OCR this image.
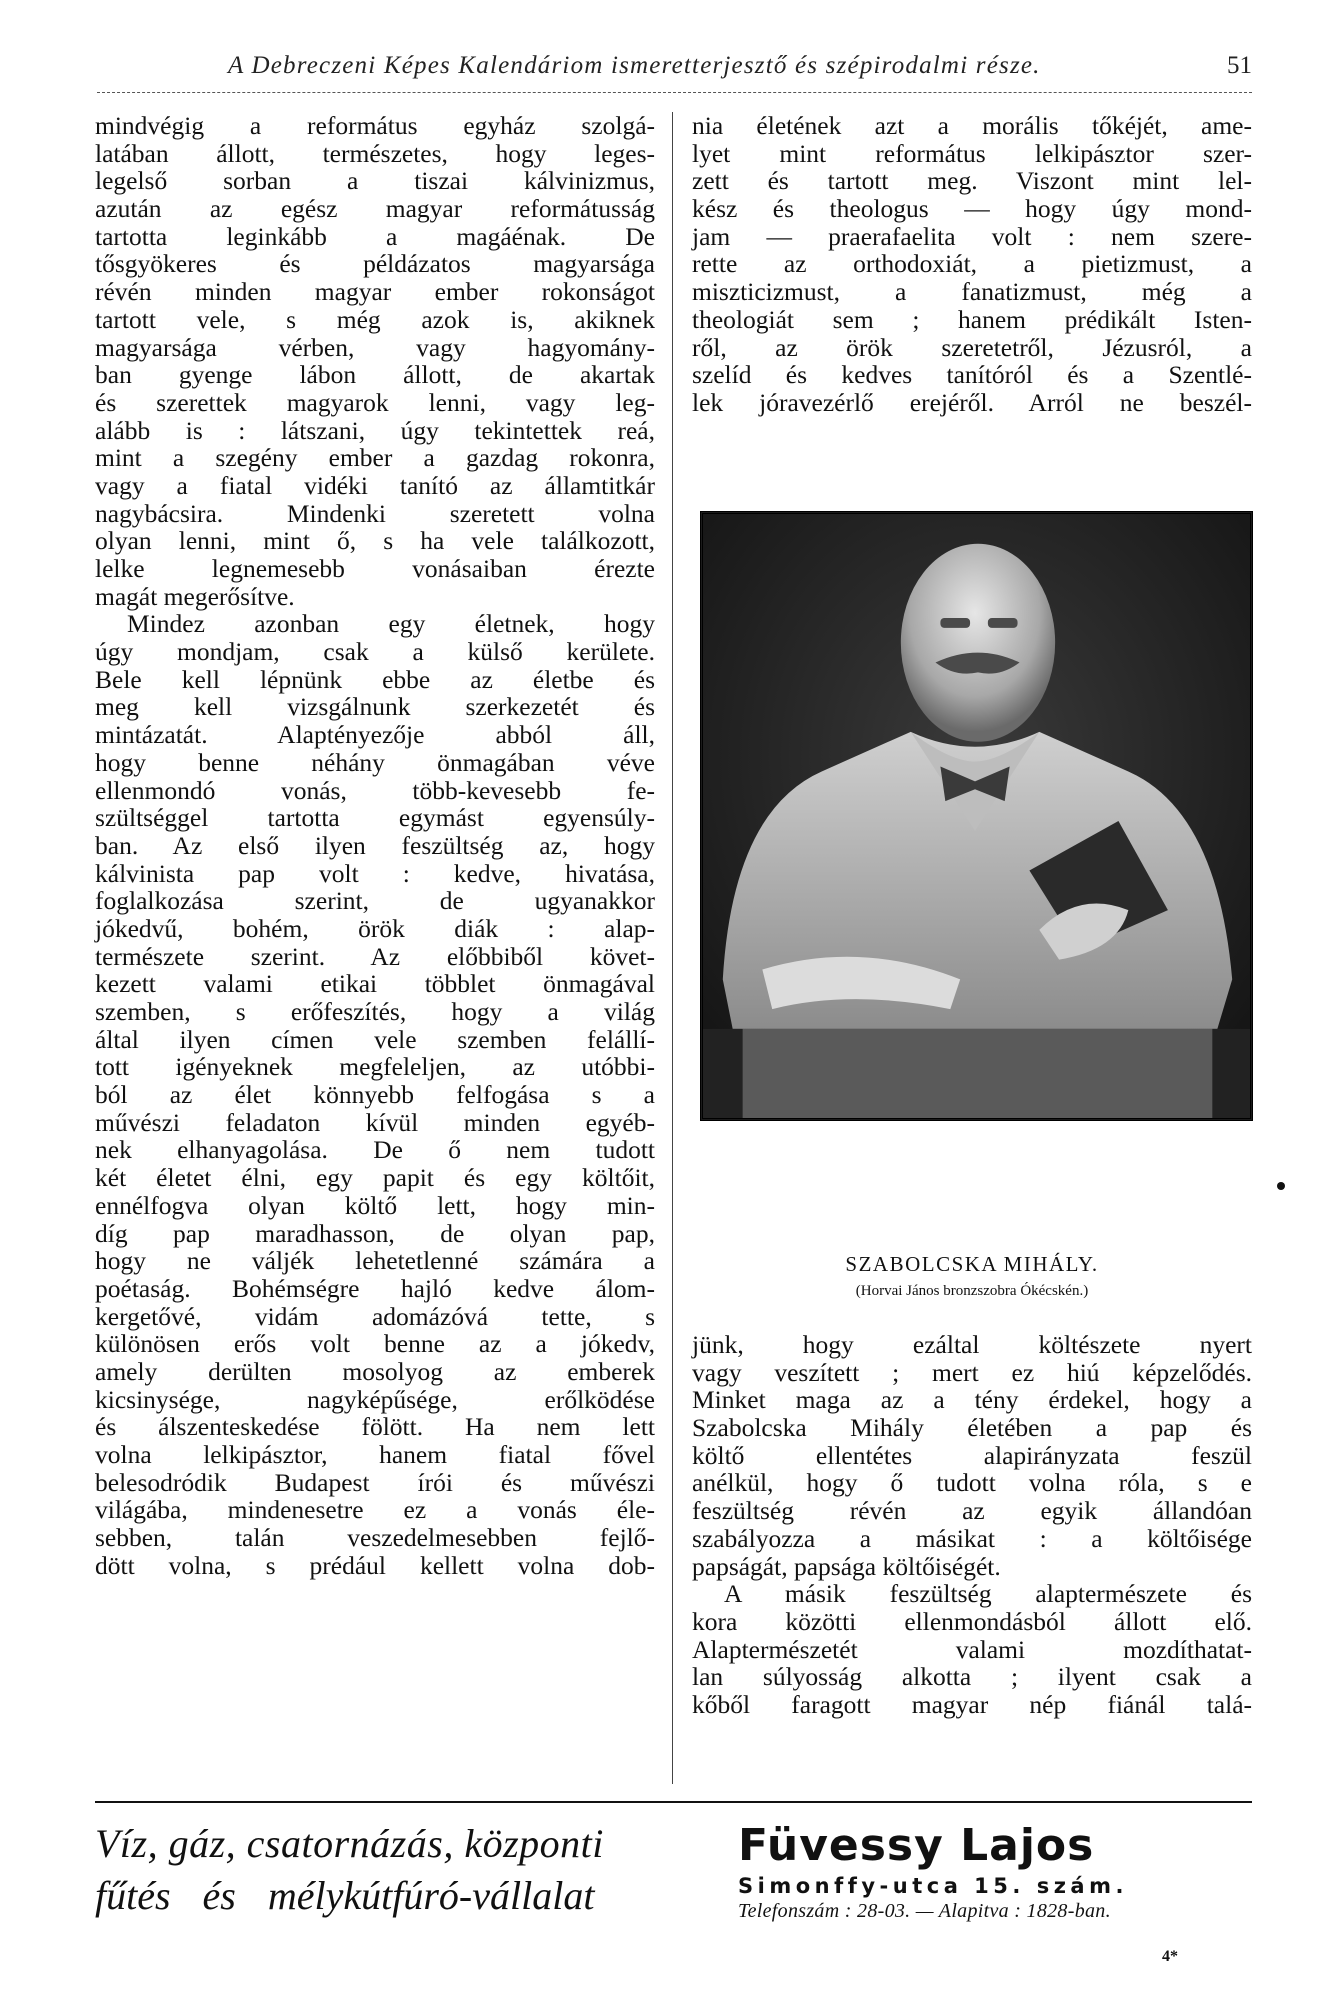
A Debreczeni Képes Kalendáriom ismeretterjesztő és szépirodalmi része.	51
mindvégig a református egyház szolgá-
latában állott, természetes, hogy leges-
legelső sorban a tiszai kálvinizmus,
azután az egész magyar reformátusság
tartotta leginkább a magáénak. De
tősgyökeres és példázatos magyarsága
révén minden magyar ember rokonságot
tartott vele, s még azok is, akiknek
magyarsága vérben, vagy hagyomány-
ban gyenge lábon állott, de akartak
és szerettek magyarok lenni, vagy leg-
alább is : látszani, úgy tekintettek reá,
mint a szegény ember a gazdag rokonra,
vagy a fiatal vidéki tanító az államtitkár
nagybácsira. Mindenki szeretett volna
olyan lenni, mint ő, s ha vele találkozott,
lelke legnemesebb vonásaiban érezte
magát megerősítve.
Mindez azonban egy életnek, hogy
úgy mondjam, csak a külső kerülete.
Bele kell lépnünk ebbe az életbe és
meg kell vizsgálnunk szerkezetét és
mintázatát. Alaptényezője abból áll,
hogy benne néhány önmagában véve
ellenmondó vonás, több-kevesebb fe-
szültséggel tartotta egymást egyensúly-
ban. Az első ilyen feszültség az, hogy
kálvinista pap volt : kedve, hivatása,
foglalkozása szerint, de ugyanakkor
jókedvű, bohém, örök diák : alap-
természete szerint. Az előbbiből követ-
kezett valami etikai többlet önmagával
szemben, s erőfeszítés, hogy a világ
által ilyen címen vele szemben felállí-
tott igényeknek megfeleljen, az utóbbi-
ból az élet könnyebb felfogása s a
művészi feladaton kívül minden egyéb-
nek elhanyagolása. De ő nem tudott
két életet élni, egy papit és egy költőit,
ennélfogva olyan költő lett, hogy min-
díg pap maradhasson, de olyan pap,
hogy ne váljék lehetetlenné számára a
poétaság. Bohémségre hajló kedve álom-
kergetővé, vidám adomázóvá tette, s
különösen erős volt benne az a jókedv,
amely derülten mosolyog az emberek
kicsinysége, nagyképűsége, erőlködése
és álszenteskedése fölött. Ha nem lett
volna lelkipásztor, hanem fiatal fővel
belesodródik Budapest írói és művészi
világába, mindenesetre ez a vonás éle-
sebben, talán veszedelmesebben fejlő-
dött volna, s prédául kellett volna dob-
nia életének azt a morális tőkéjét, ame-
lyet mint református lelkipásztor szer-
zett és tartott meg. Viszont mint lel-
kész és theologus — hogy úgy mond-
jam — praerafaelita volt : nem szere-
rette az orthodoxiát, a pietizmust, a
miszticizmust, a fanatizmust, még a
theologiát sem ; hanem prédikált Isten-
ről, az örök szeretetről, Jézusról, a
szelíd és kedves tanítóról és a Szentlé-
lek jóravezérlő erejéről. Arról ne beszél-
SZABOLCSKA MIHÁLY.
(Horvai János bronzszobra Ókécskén.)
jünk, hogy ezáltal költészete nyert
vagy veszített ; mert ez hiú képzelődés.
Minket maga az a tény érdekel, hogy a
Szabolcska Mihály életében a pap és
költő ellentétes alapirányzata feszül
anélkül, hogy ő tudott volna róla, s e
feszültség révén az egyik állandóan
szabályozza a másikat : a költőisége
papságát, papsága költőiségét.
A másik feszültség alaptermészete és
kora közötti ellenmondásból állott elő.
Alaptermészetét valami mozdíthatat-
lan súlyosság alkotta ; ilyent csak a
kőből faragott magyar nép fiánál talá-
Víz, gáz, csatornázás, központi
fűtés és mélykútfúró-vállalat
Füvessy Lajos
Simonffy-utca 15. szám.
Telefonszám : 28-03. — Alapitva : 1828-ban.
4*
